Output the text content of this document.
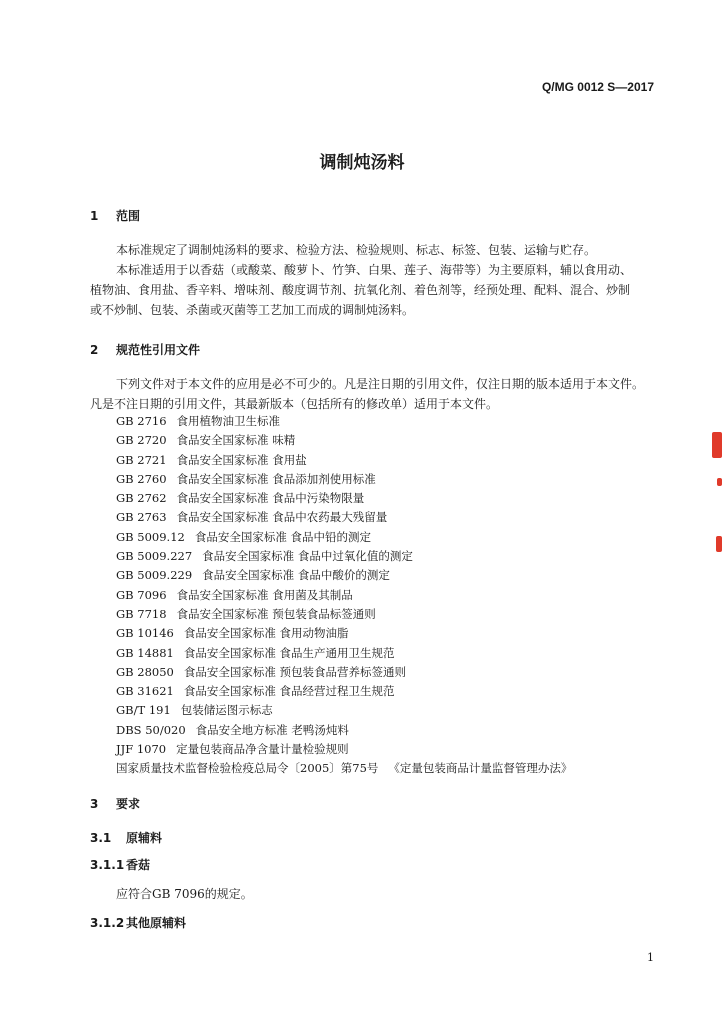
Q/MG 0012 S—2017
调制炖汤料
1 范围
本标准规定了调制炖汤料的要求、检验方法、检验规则、标志、标签、包装、运输与贮存。
本标准适用于以香菇（或酸菜、酸萝卜、竹笋、白果、莲子、海带等）为主要原料，辅以食用动、
植物油、食用盐、香辛料、增味剂、酸度调节剂、抗氧化剂、着色剂等，经预处理、配料、混合、炒制
或不炒制、包装、杀菌或灭菌等工艺加工而成的调制炖汤料。
2 规范性引用文件
下列文件对于本文件的应用是必不可少的。凡是注日期的引用文件，仅注日期的版本适用于本文件。
凡是不注日期的引用文件，其最新版本（包括所有的修改单）适用于本文件。
GB 2716 食用植物油卫生标准
GB 2720 食品安全国家标准 味精
GB 2721 食品安全国家标准 食用盐
GB 2760 食品安全国家标准 食品添加剂使用标准
GB 2762 食品安全国家标准 食品中污染物限量
GB 2763 食品安全国家标准 食品中农药最大残留量
GB 5009.12 食品安全国家标准 食品中铅的测定
GB 5009.227 食品安全国家标准 食品中过氧化值的测定
GB 5009.229 食品安全国家标准 食品中酸价的测定
GB 7096 食品安全国家标准 食用菌及其制品
GB 7718 食品安全国家标准 预包装食品标签通则
GB 10146 食品安全国家标准 食用动物油脂
GB 14881 食品安全国家标准 食品生产通用卫生规范
GB 28050 食品安全国家标准 预包装食品营养标签通则
GB 31621 食品安全国家标准 食品经营过程卫生规范
GB/T 191 包装储运图示标志
DBS 50/020 食品安全地方标准 老鸭汤炖料
JJF 1070 定量包装商品净含量计量检验规则
国家质量技术监督检验检疫总局令〔2005〕第75号 《定量包装商品计量监督管理办法》
3 要求
3.1 原辅料
3.1.1 香菇
应符合GB 7096的规定。
3.1.2 其他原辅料
1
